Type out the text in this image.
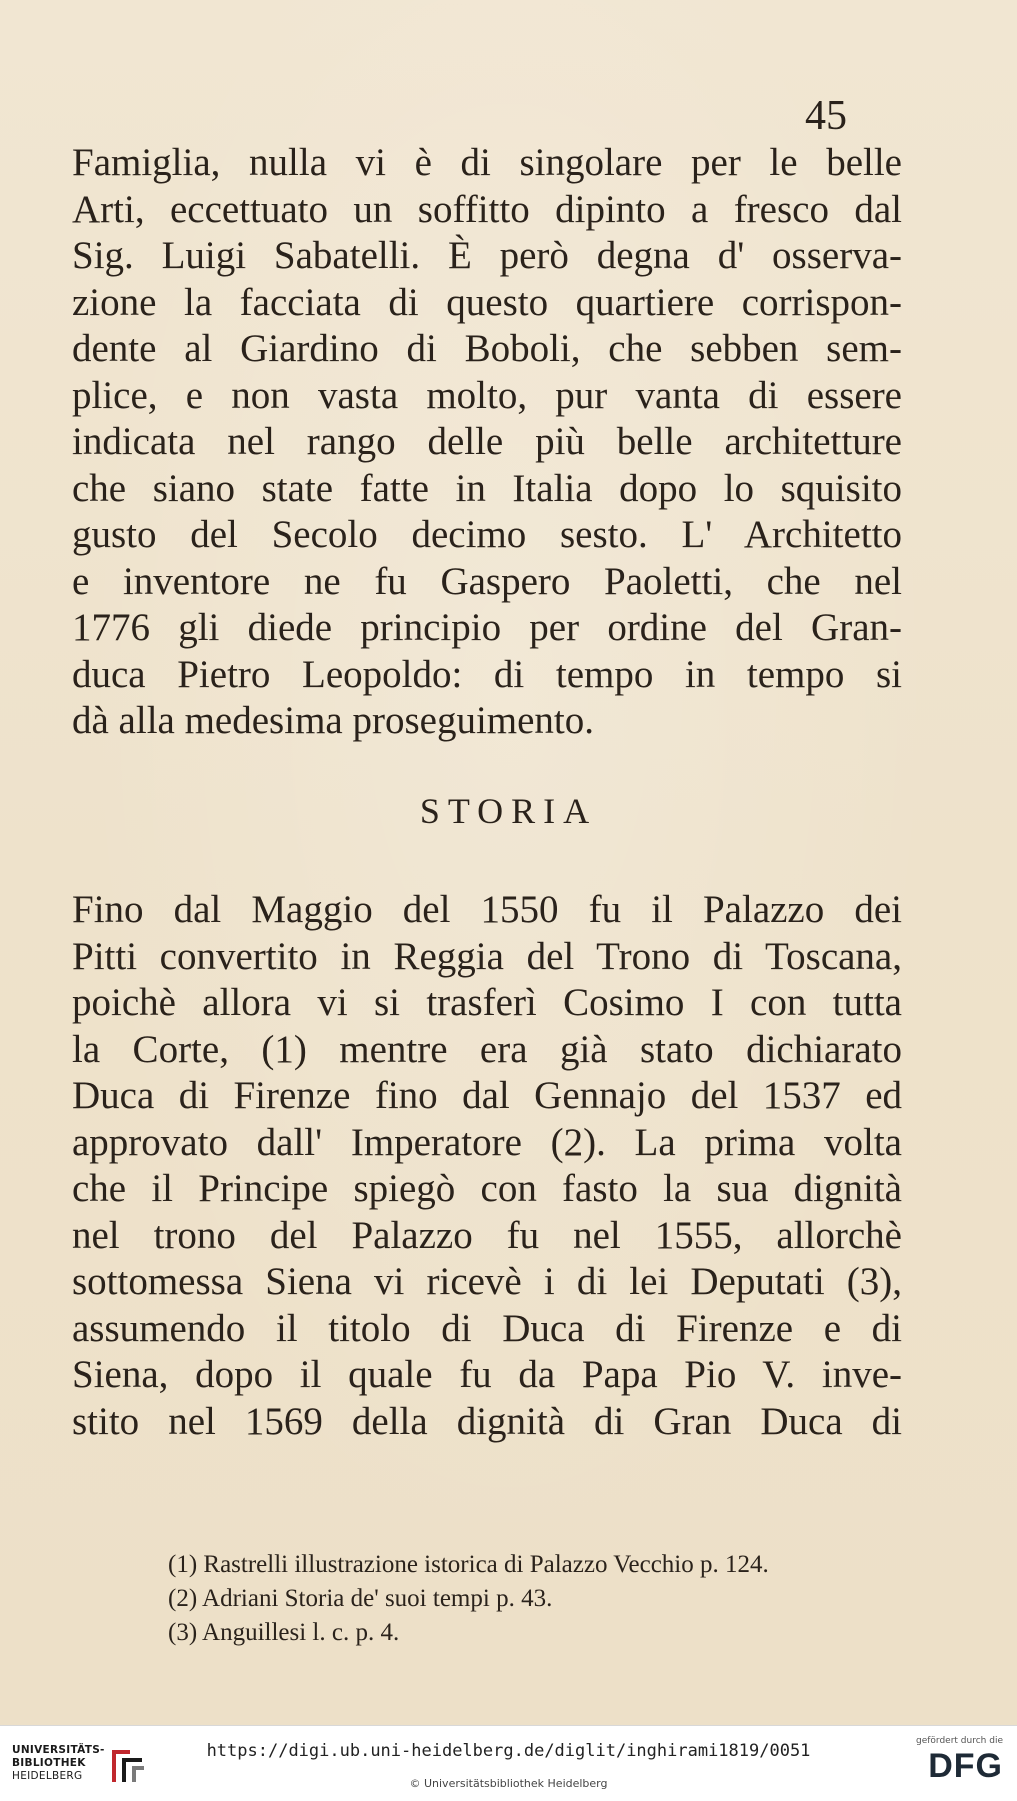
45
Famiglia, nulla vi è di singolare per le belle
Arti, eccettuato un soffitto dipinto a fresco dal
Sig. Luigi Sabatelli. È però degna d' osserva-
zione la facciata di questo quartiere corrispon-
dente al Giardino di Boboli, che sebben sem-
plice, e non vasta molto, pur vanta di essere
indicata nel rango delle più belle architetture
che siano state fatte in Italia dopo lo squisito
gusto del Secolo decimo sesto. L' Architetto
e inventore ne fu Gaspero Paoletti, che nel
1776 gli diede principio per ordine del Gran-
duca Pietro Leopoldo: di tempo in tempo si
dà alla medesima proseguimento.
STORIA
Fino dal Maggio del 1550 fu il Palazzo dei
Pitti convertito in Reggia del Trono di Toscana,
poichè allora vi si trasferì Cosimo I con tutta
la Corte, (1) mentre era già stato dichiarato
Duca di Firenze fino dal Gennajo del 1537 ed
approvato dall' Imperatore (2). La prima volta
che il Principe spiegò con fasto la sua dignità
nel trono del Palazzo fu nel 1555, allorchè
sottomessa Siena vi ricevè i di lei Deputati (3),
assumendo il titolo di Duca di Firenze e di
Siena, dopo il quale fu da Papa Pio V. inve-
stito nel 1569 della dignità di Gran Duca di
(1) Rastrelli illustrazione istorica di Palazzo Vecchio p. 124.
(2) Adriani Storia de' suoi tempi p. 43.
(3) Anguillesi l. c. p. 4.
UNIVERSITÄTS-
BIBLIOTHEK
HEIDELBERG
https://digi.ub.uni-heidelberg.de/diglit/inghirami1819/0051
© Universitätsbibliothek Heidelberg
gefördert durch die
DFG
